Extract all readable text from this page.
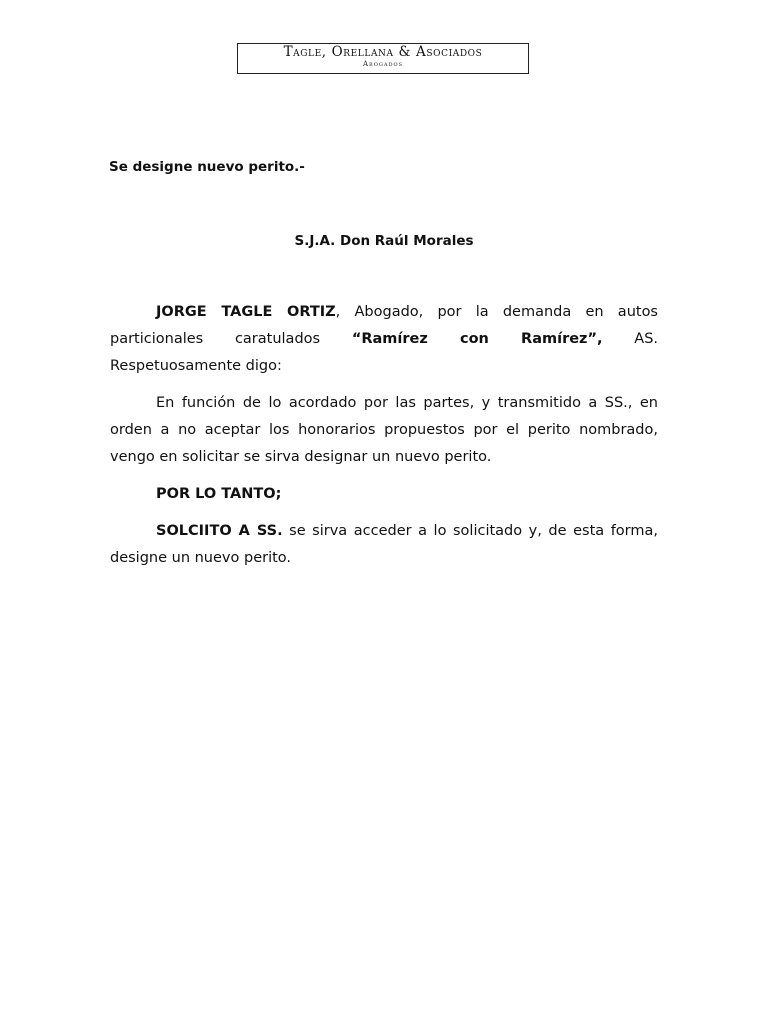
Tagle, Orellana & Asociados
Abogados
Se designe nuevo perito.-
S.J.A. Don Raúl Morales

JORGE TAGLE ORTIZ, Abogado, por la demanda en autos particionales caratulados “Ramírez con Ramírez”, AS. Respetuosamente digo:

En función de lo acordado por las partes, y transmitido a SS., en orden a no aceptar los honorarios propuestos por el perito nombrado, vengo en solicitar se sirva designar un nuevo perito.

POR LO TANTO;

SOLCIITO A SS. se sirva acceder a lo solicitado y, de esta forma, designe un nuevo perito.
